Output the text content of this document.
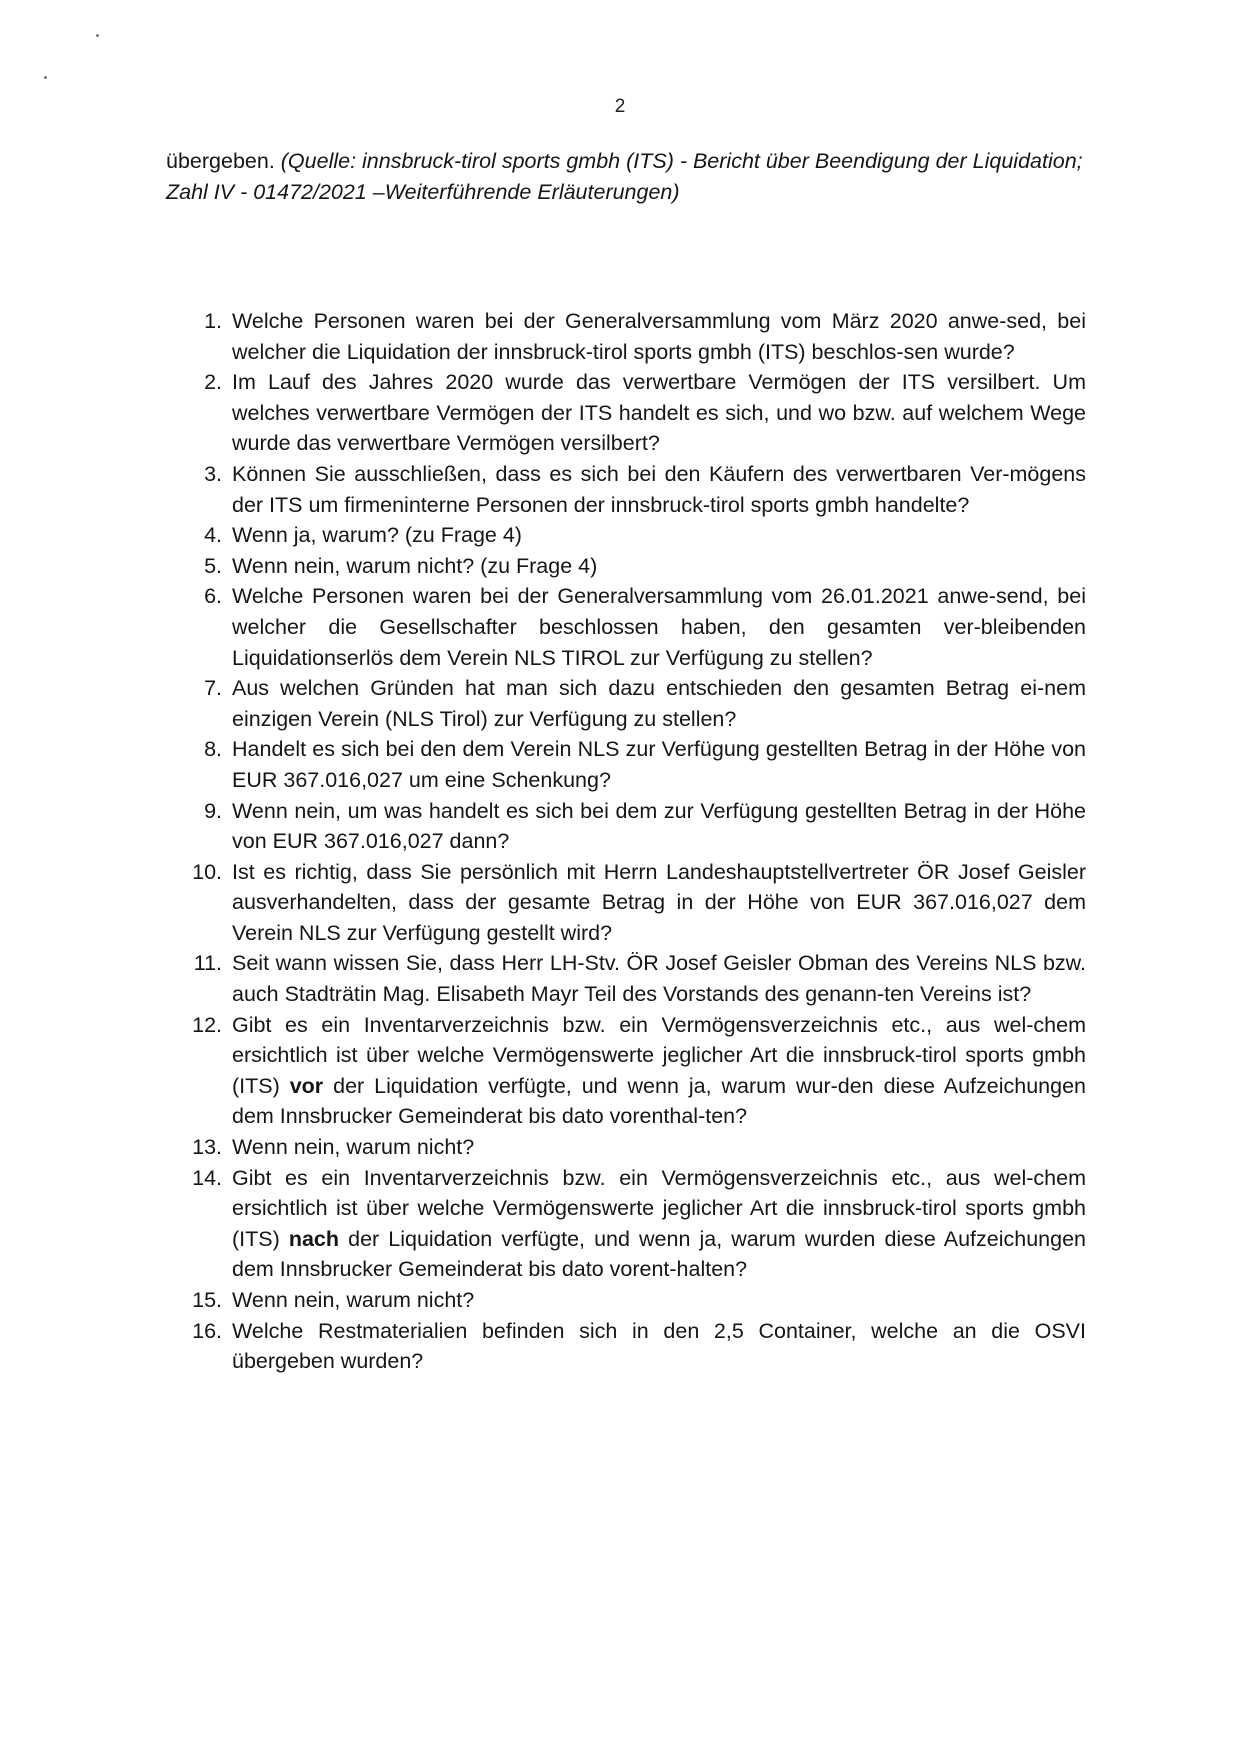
2
übergeben. (Quelle: innsbruck-tirol sports gmbh (ITS) - Bericht über Beendigung der Liquidation; Zahl IV - 01472/2021 –Weiterführende Erläuterungen)
1. Welche Personen waren bei der Generalversammlung vom März 2020 anwe-sed, bei welcher die Liquidation der innsbruck-tirol sports gmbh (ITS) beschlos-sen wurde?
2. Im Lauf des Jahres 2020 wurde das verwertbare Vermögen der ITS versilbert. Um welches verwertbare Vermögen der ITS handelt es sich, und wo bzw. auf welchem Wege wurde das verwertbare Vermögen versilbert?
3. Können Sie ausschließen, dass es sich bei den Käufern des verwertbaren Ver-mögens der ITS um firmeninterne Personen der innsbruck-tirol sports gmbh handelte?
4. Wenn ja, warum? (zu Frage 4)
5. Wenn nein, warum nicht? (zu Frage 4)
6. Welche Personen waren bei der Generalversammlung vom 26.01.2021 anwe-send, bei welcher die Gesellschafter beschlossen haben, den gesamten ver-bleibenden Liquidationserlös dem Verein NLS TIROL zur Verfügung zu stellen?
7. Aus welchen Gründen hat man sich dazu entschieden den gesamten Betrag ei-nem einzigen Verein (NLS Tirol) zur Verfügung zu stellen?
8. Handelt es sich bei den dem Verein NLS zur Verfügung gestellten Betrag in der Höhe von EUR 367.016,027 um eine Schenkung?
9. Wenn nein, um was handelt es sich bei dem zur Verfügung gestellten Betrag in der Höhe von EUR 367.016,027 dann?
10. Ist es richtig, dass Sie persönlich mit Herrn Landeshauptstellvertreter ÖR Josef Geisler ausverhandelten, dass der gesamte Betrag in der Höhe von EUR 367.016,027 dem Verein NLS zur Verfügung gestellt wird?
11. Seit wann wissen Sie, dass Herr LH-Stv. ÖR Josef Geisler Obman des Vereins NLS bzw. auch Stadträtin Mag. Elisabeth Mayr Teil des Vorstands des genann-ten Vereins ist?
12. Gibt es ein Inventarverzeichnis bzw. ein Vermögensverzeichnis etc., aus wel-chem ersichtlich ist über welche Vermögenswerte jeglicher Art die innsbruck-tirol sports gmbh (ITS) vor der Liquidation verfügte, und wenn ja, warum wur-den diese Aufzeichungen dem Innsbrucker Gemeinderat bis dato vorenthal-ten?
13. Wenn nein, warum nicht?
14. Gibt es ein Inventarverzeichnis bzw. ein Vermögensverzeichnis etc., aus wel-chem ersichtlich ist über welche Vermögenswerte jeglicher Art die innsbruck-tirol sports gmbh (ITS) nach der Liquidation verfügte, und wenn ja, warum wurden diese Aufzeichungen dem Innsbrucker Gemeinderat bis dato vorent-halten?
15. Wenn nein, warum nicht?
16. Welche Restmaterialien befinden sich in den 2,5 Container, welche an die OSVI übergeben wurden?
